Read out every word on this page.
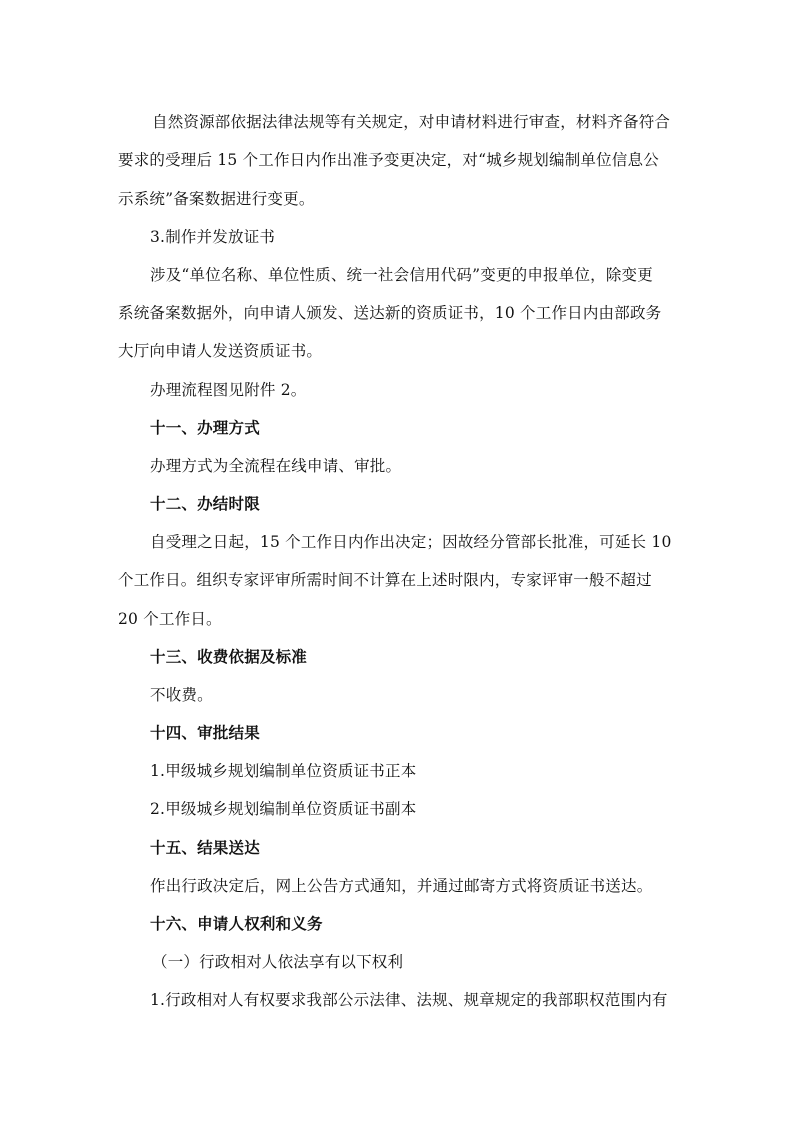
自然资源部依据法律法规等有关规定，对申请材料进行审查，材料齐备符合
要求的受理后 15 个工作日内作出准予变更决定，对“城乡规划编制单位信息公
示系统”备案数据进行变更。
3.制作并发放证书
涉及“单位名称、单位性质、统一社会信用代码”变更的申报单位，除变更
系统备案数据外，向申请人颁发、送达新的资质证书，10 个工作日内由部政务
大厅向申请人发送资质证书。
办理流程图见附件 2。
十一、办理方式
办理方式为全流程在线申请、审批。
十二、办结时限
自受理之日起，15 个工作日内作出决定；因故经分管部长批准，可延长 10
个工作日。组织专家评审所需时间不计算在上述时限内，专家评审一般不超过
20 个工作日。
十三、收费依据及标准
不收费。
十四、审批结果
1.甲级城乡规划编制单位资质证书正本
2.甲级城乡规划编制单位资质证书副本
十五、结果送达
作出行政决定后，网上公告方式通知，并通过邮寄方式将资质证书送达。
十六、申请人权利和义务
（一）行政相对人依法享有以下权利
1.行政相对人有权要求我部公示法律、法规、规章规定的我部职权范围内有
